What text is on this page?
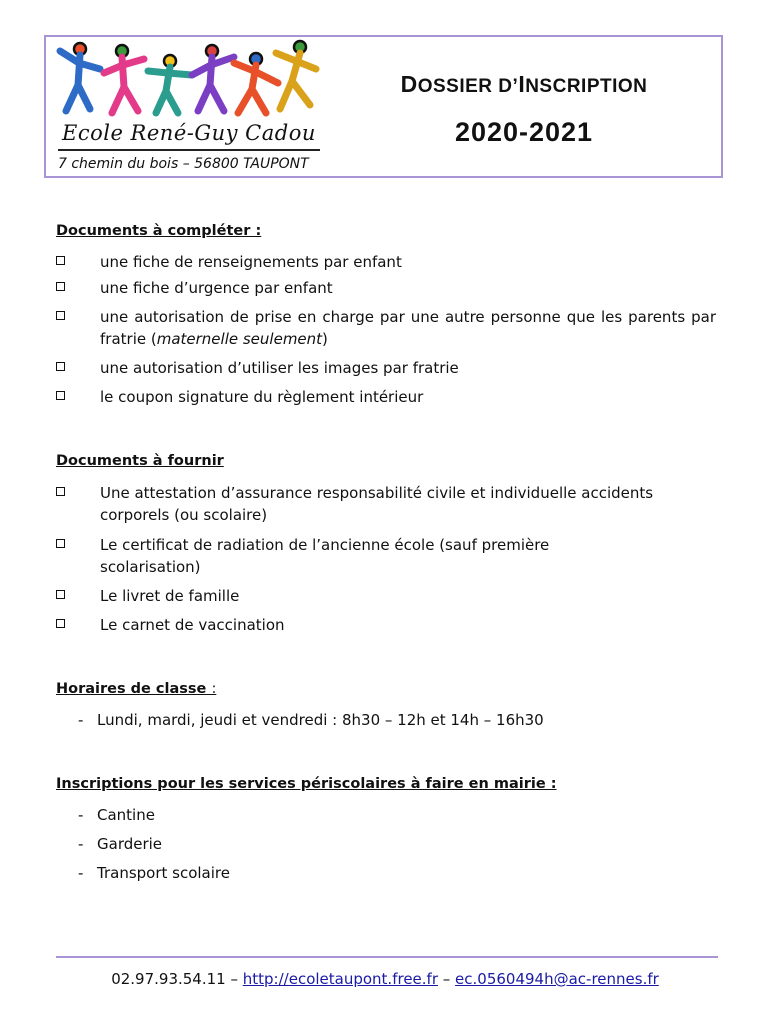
Ecole René-Guy Cadou
7 chemin du bois – 56800 TAUPONT
DOSSIER D’INSCRIPTION
2020-2021
Documents à compléter :
une fiche de renseignements par enfant
une fiche d’urgence par enfant
une autorisation de prise en charge par une autre personne que les parents par fratrie (maternelle seulement)
une autorisation d’utiliser les images par fratrie
le coupon signature du règlement intérieur
Documents à fournir
Une attestation d’assurance responsabilité civile et individuelle accidents corporels (ou scolaire)
Le certificat de radiation de l’ancienne école (sauf première scolarisation)
Le livret de famille
Le carnet de vaccination
Horaires de classe :
- Lundi, mardi, jeudi et vendredi : 8h30 – 12h et 14h – 16h30
Inscriptions pour les services périscolaires à faire en mairie :
- Cantine
- Garderie
- Transport scolaire
02.97.93.54.11 – http://ecoletaupont.free.fr – ec.0560494h@ac-rennes.fr
